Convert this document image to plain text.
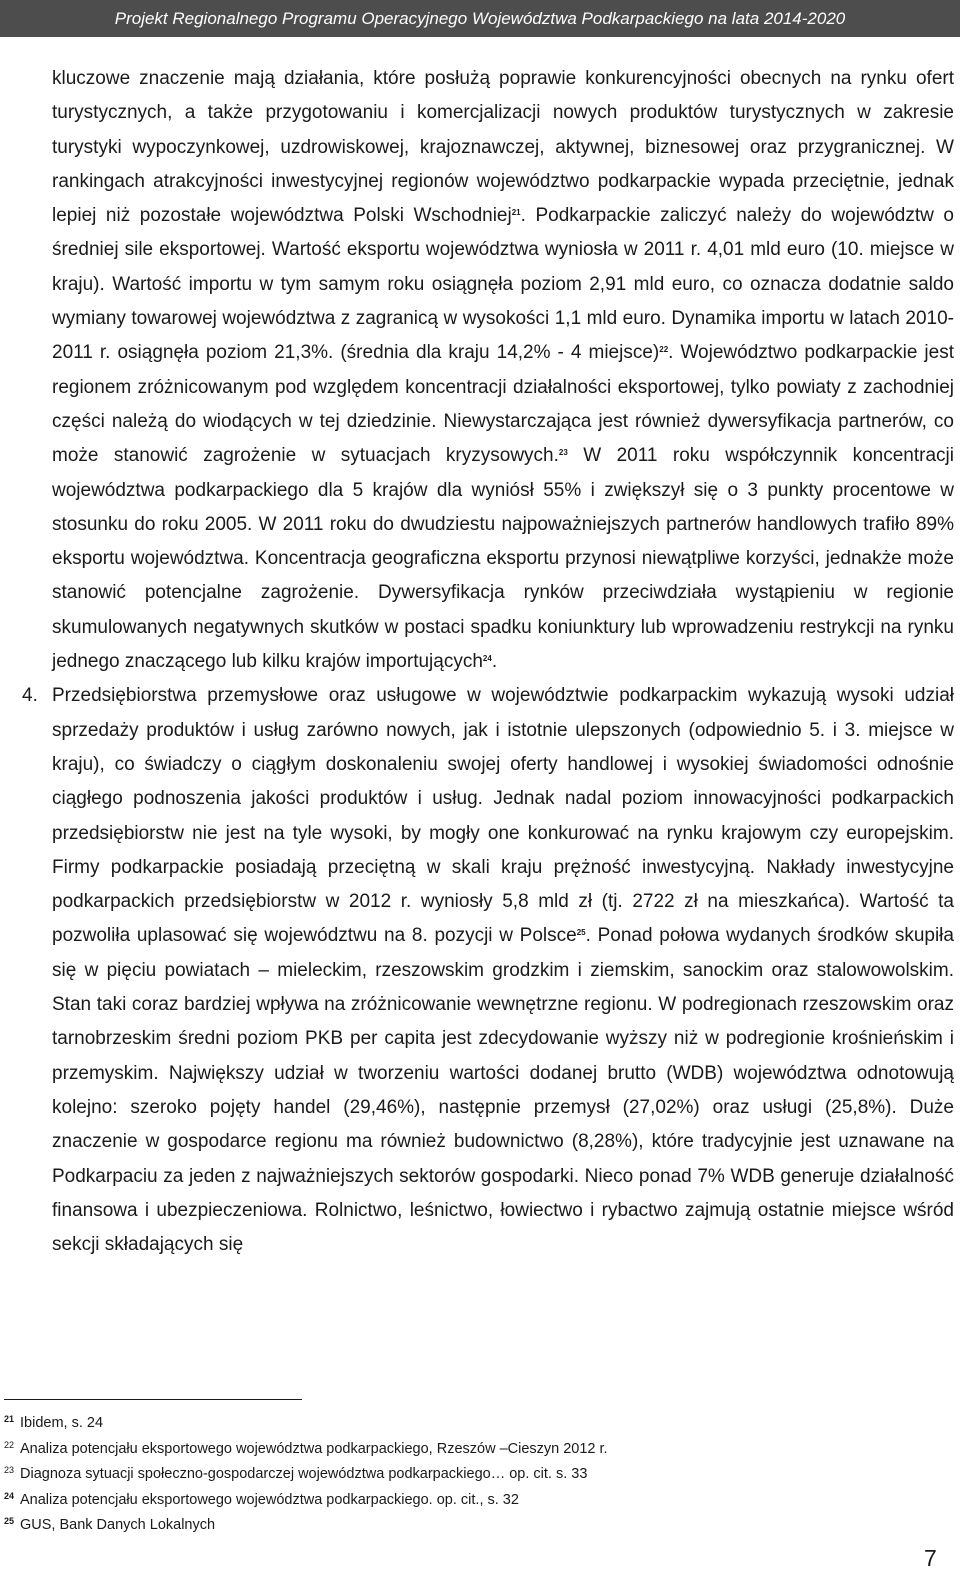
Projekt Regionalnego Programu Operacyjnego Województwa Podkarpackiego na lata 2014-2020

kluczowe znaczenie mają działania, które posłużą poprawie konkurencyjności obecnych na rynku ofert turystycznych, a także przygotowaniu i komercjalizacji nowych produktów turystycznych w zakresie turystyki wypoczynkowej, uzdrowiskowej, krajoznawczej, aktywnej, biznesowej oraz przygranicznej. W rankingach atrakcyjności inwestycyjnej regionów województwo podkarpackie wypada przeciętnie, jednak lepiej niż pozostałe województwa Polski Wschodniej$^{21}$. Podkarpackie zaliczyć należy do województw o średniej sile eksportowej. Wartość eksportu województwa wyniosła w 2011 r. 4,01 mld euro (10. miejsce w kraju). Wartość importu w tym samym roku osiągnęła poziom 2,91 mld euro, co oznacza dodatnie saldo wymiany towarowej województwa z zagranicą w wysokości 1,1 mld euro. Dynamika importu w latach 2010-2011 r. osiągnęła poziom 21,3%. (średnia dla kraju 14,2% - 4 miejsce)$^{22}$. Województwo podkarpackie jest regionem zróżnicowanym pod względem koncentracji działalności eksportowej, tylko powiaty z zachodniej części należą do wiodących w tej dziedzinie. Niewystarczająca jest również dywersyfikacja partnerów, co może stanowić zagrożenie w sytuacjach kryzysowych.$^{23}$ W 2011 roku współczynnik koncentracji województwa podkarpackiego dla 5 krajów dla wyniósł 55% i zwiększył się o 3 punkty procentowe w stosunku do roku 2005. W 2011 roku do dwudziestu najpoważniejszych partnerów handlowych trafiło 89% eksportu województwa. Koncentracja geograficzna eksportu przynosi niewątpliwe korzyści, jednakże może stanowić potencjalne zagrożenie. Dywersyfikacja rynków przeciwdziała wystąpieniu w regionie skumulowanych negatywnych skutków w postaci spadku koniunktury lub wprowadzeniu restrykcji na rynku jednego znaczącego lub kilku krajów importujących$^{24}$.

4. Przedsiębiorstwa przemysłowe oraz usługowe w województwie podkarpackim wykazują wysoki udział sprzedaży produktów i usług zarówno nowych, jak i istotnie ulepszonych (odpowiednio 5. i 3. miejsce w kraju), co świadczy o ciągłym doskonaleniu swojej oferty handlowej i wysokiej świadomości odnośnie ciągłego podnoszenia jakości produktów i usług. Jednak nadal poziom innowacyjności podkarpackich przedsiębiorstw nie jest na tyle wysoki, by mogły one konkurować na rynku krajowym czy europejskim. Firmy podkarpackie posiadają przeciętną w skali kraju prężność inwestycyjną. Nakłady inwestycyjne podkarpackich przedsiębiorstw w 2012 r. wyniosły 5,8 mld zł (tj. 2722 zł na mieszkańca). Wartość ta pozwoliła uplasować się województwu na 8. pozycji w Polsce$^{25}$. Ponad połowa wydanych środków skupiła się w pięciu powiatach – mieleckim, rzeszowskim grodzkim i ziemskim, sanockim oraz stalowowolskim. Stan taki coraz bardziej wpływa na zróżnicowanie wewnętrzne regionu. W podregionach rzeszowskim oraz tarnobrzeskim średni poziom PKB per capita jest zdecydowanie wyższy niż w podregionie krośnieńskim i przemyskim. Największy udział w tworzeniu wartości dodanej brutto (WDB) województwa odnotowują kolejno: szeroko pojęty handel (29,46%), następnie przemysł (27,02%) oraz usługi (25,8%). Duże znaczenie w gospodarce regionu ma również budownictwo (8,28%), które tradycyjnie jest uznawane na Podkarpaciu za jeden z najważniejszych sektorów gospodarki. Nieco ponad 7% WDB generuje działalność finansowa i ubezpieczeniowa. Rolnictwo, leśnictwo, łowiectwo i rybactwo zajmują ostatnie miejsce wśród sekcji składających się
21 Ibidem, s. 24
22 Analiza potencjału eksportowego województwa podkarpackiego, Rzeszów –Cieszyn 2012 r.
23 Diagnoza sytuacji społeczno-gospodarczej województwa podkarpackiego… op. cit. s. 33
24 Analiza potencjału eksportowego województwa podkarpackiego. op. cit., s. 32
25 GUS, Bank Danych Lokalnych
7
